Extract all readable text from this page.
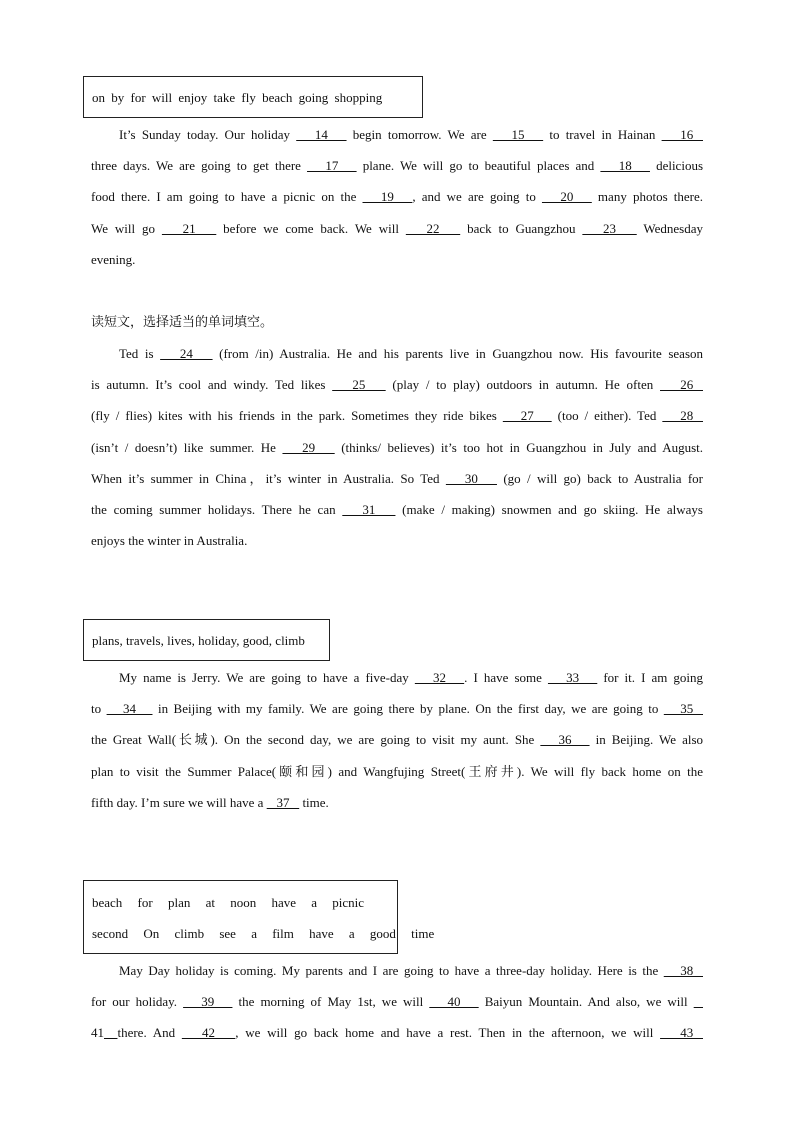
on by for will enjoy take fly beach going shopping
It’s Sunday today. Our holiday    14    begin tomorrow. We are    15    to travel in Hainan    16
three days. We are going to get there    17    plane. We will go to beautiful places and    18    delicious
food there. I am going to have a picnic on the    19   , and we are going to    20    many photos there.
We will go    21    before we come back. We will    22    back to Guangzhou    23    Wednesday
evening.
读短文，选择适当的单词填空。
Ted is    24    (from /in) Australia. He and his parents live in Guangzhou now. His favourite season
is autumn. It’s cool and windy. Ted likes    25    (play / to play) outdoors in autumn. He often    26
(fly / flies) kites with his friends in the park. Sometimes they ride bikes    27    (too / either). Ted    28
(isn’t / doesn’t) like summer. He    29    (thinks/ believes) it’s too hot in Guangzhou in July and August.
When it’s summer in China，it’s winter in Australia. So Ted    30    (go / will go) back to Australia for
the coming summer holidays. There he can    31    (make / making) snowmen and go skiing. He always
enjoys the winter in Australia.
plans, travels, lives, holiday, good, climb
My name is Jerry. We are going to have a five-day    32   . I have some    33    for it. I am going
to    34    in Beijing with my family. We are going there by plane. On the first day, we are going to    35
the Great Wall(长城). On the second day, we are going to visit my aunt. She    36    in Beijing. We also
plan to visit the Summer Palace(颐和园) and Wangfujing Street(王府井). We will fly back home on the
fifth day. I’m sure we will have a    37    time.
beach for plan at noon have a picnic
second On climb see a film have a good time
May Day holiday is coming. My parents and I are going to have a three-day holiday. Here is the    38
for our holiday.    39    the morning of May 1st, we will    40    Baiyun Mountain. And also, we will
41 there. And    42   , we will go back home and have a rest. Then in the afternoon, we will    43
